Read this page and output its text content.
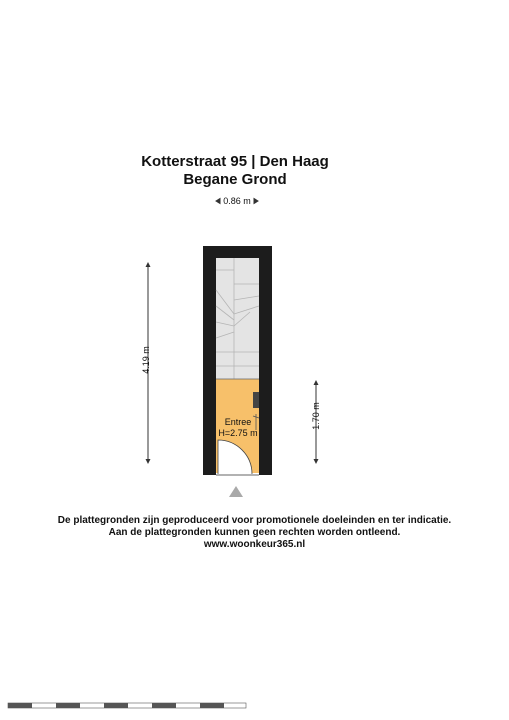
Kotterstraat 95 | Den Haag
Begane Grond
0.86 m
4.19 m
1.70 m
Entree
H=2.75 m
De plattegronden zijn geproduceerd voor promotionele doeleinden en ter indicatie.
Aan de plattegronden kunnen geen rechten worden ontleend.
www.woonkeur365.nl
